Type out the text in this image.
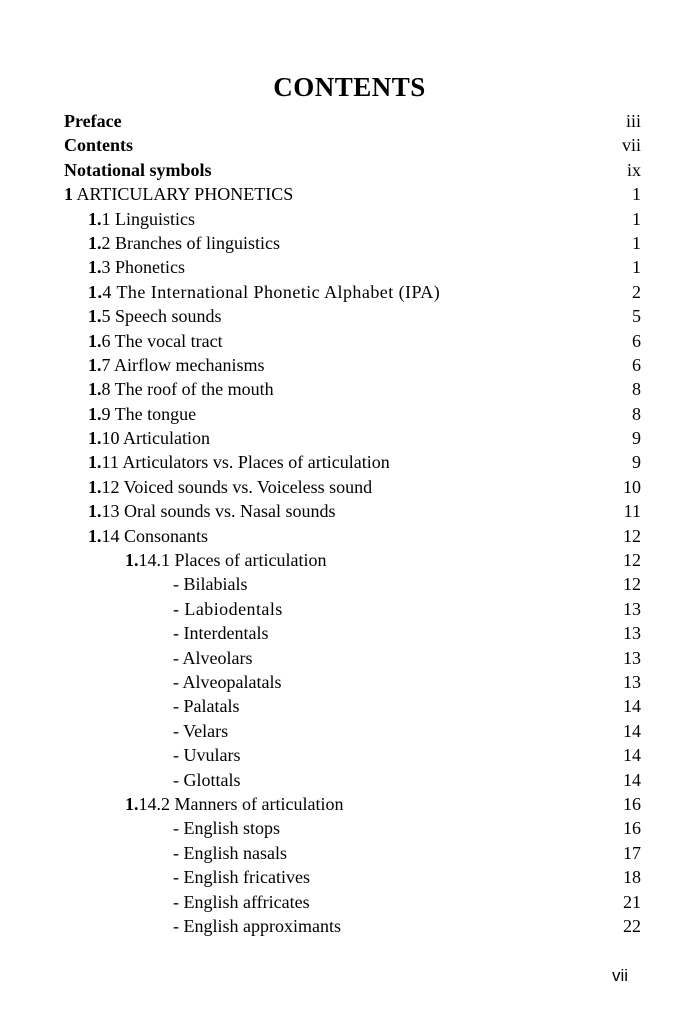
CONTENTS
Preface	iii
Contents	vii
Notational symbols	ix
1 ARTICULARY PHONETICS	1
1.1 Linguistics	1
1.2 Branches of linguistics	1
1.3 Phonetics	1
1.4 The International Phonetic Alphabet (IPA)	2
1.5 Speech sounds	5
1.6 The vocal tract	6
1.7 Airflow mechanisms	6
1.8 The roof of the mouth	8
1.9 The tongue	8
1.10 Articulation	9
1.11 Articulators vs. Places of articulation	9
1.12 Voiced sounds vs. Voiceless sound	10
1.13 Oral sounds vs. Nasal sounds	11
1.14 Consonants	12
1.14.1 Places of articulation	12
- Bilabials	12
- Labiodentals	13
- Interdentals	13
- Alveolars	13
- Alveopalatals	13
- Palatals	14
- Velars	14
- Uvulars	14
- Glottals	14
1.14.2 Manners of articulation	16
- English stops	16
- English nasals	17
- English fricatives	18
- English affricates	21
- English approximants	22
vii
